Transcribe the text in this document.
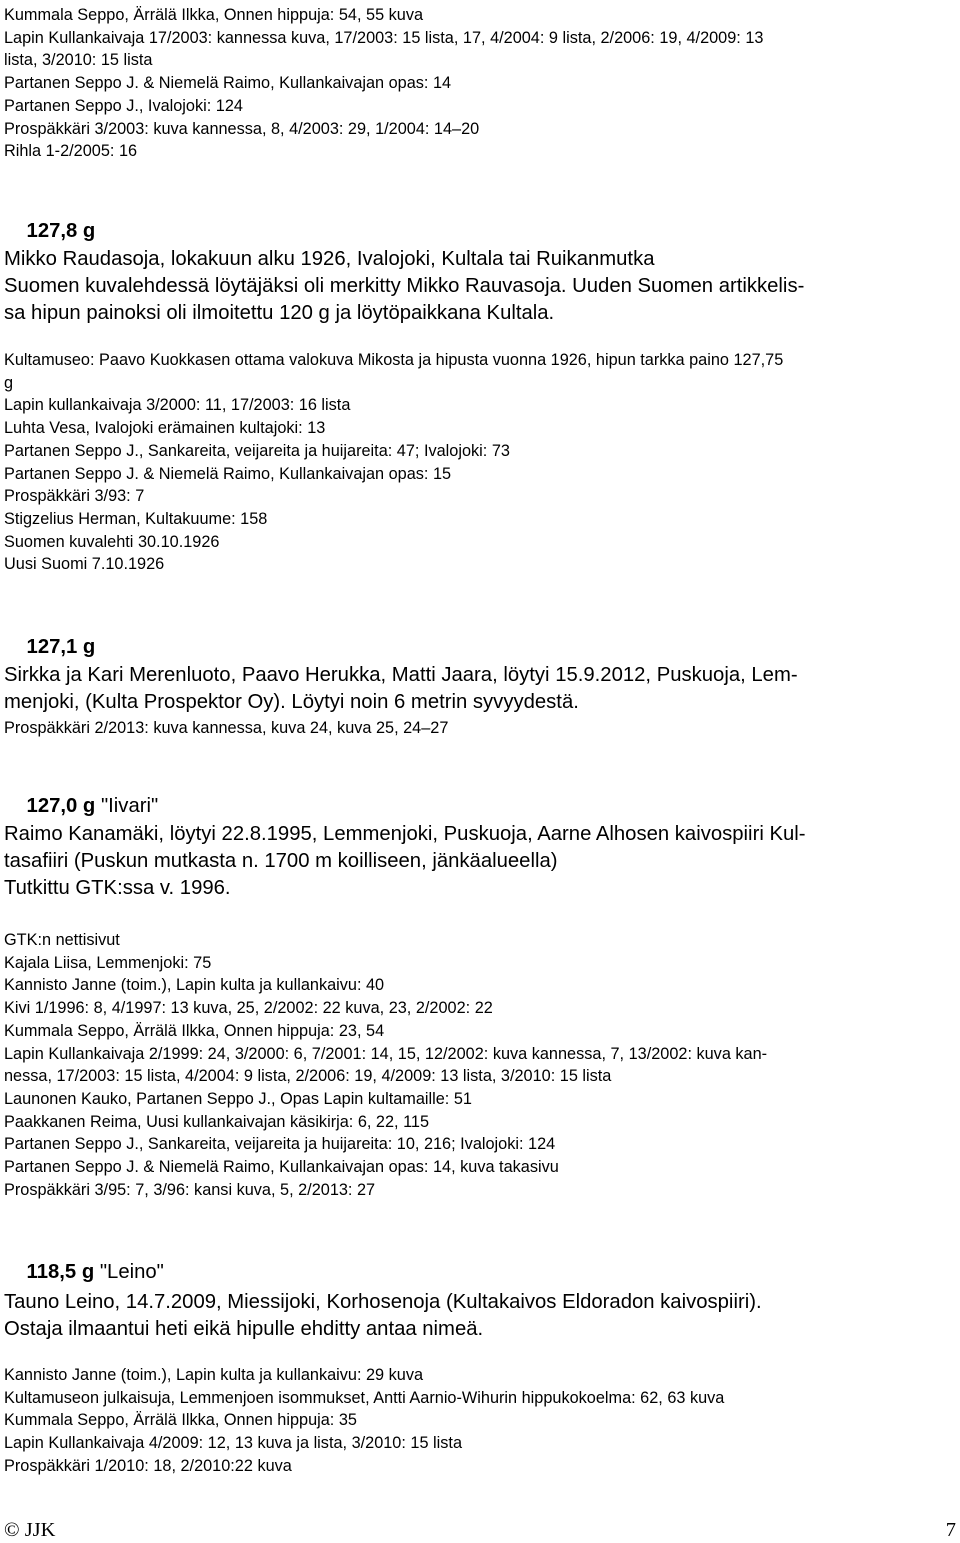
Kummala Seppo, Ärrälä Ilkka, Onnen hippuja: 54, 55 kuva
Lapin Kullankaivaja 17/2003: kannessa kuva, 17/2003: 15 lista, 17, 4/2004: 9 lista, 2/2006: 19, 4/2009: 13
lista, 3/2010: 15 lista
Partanen Seppo J. & Niemelä Raimo, Kullankaivajan opas: 14
Partanen Seppo J., Ivalojoki: 124
Prospäkkäri 3/2003: kuva kannessa, 8, 4/2003: 29, 1/2004: 14–20
Rihla 1-2/2005: 16

127,8 g

Mikko Raudasoja, lokakuun alku 1926, Ivalojoki, Kultala tai Ruikanmutka
Suomen kuvalehdessä löytäjäksi oli merkitty Mikko Rauvasoja. Uuden Suomen artikkelis-
sa hipun painoksi oli ilmoitettu 120 g ja löytöpaikkana Kultala.
Kultamuseo: Paavo Kuokkasen ottama valokuva Mikosta ja hipusta vuonna 1926, hipun tarkka paino 127,75
g
Lapin kullankaivaja 3/2000: 11, 17/2003: 16 lista
Luhta Vesa, Ivalojoki erämainen kultajoki: 13
Partanen Seppo J., Sankareita, veijareita ja huijareita: 47; Ivalojoki: 73
Partanen Seppo J. & Niemelä Raimo, Kullankaivajan opas: 15
Prospäkkäri 3/93: 7
Stigzelius Herman, Kultakuume: 158
Suomen kuvalehti 30.10.1926
Uusi Suomi 7.10.1926

127,1 g

Sirkka ja Kari Merenluoto, Paavo Herukka, Matti Jaara, löytyi 15.9.2012, Puskuoja, Lem-
menjoki, (Kulta Prospektor Oy). Löytyi noin 6 metrin syvyydestä.
Prospäkkäri 2/2013: kuva kannessa, kuva 24, kuva 25, 24–27

127,0 g "Iivari"

Raimo Kanamäki, löytyi 22.8.1995, Lemmenjoki, Puskuoja, Aarne Alhosen kaivospiiri Kul-
tasafiiri (Puskun mutkasta n. 1700 m koilliseen, jänkäalueella)
Tutkittu GTK:ssa v. 1996.
GTK:n nettisivut
Kajala Liisa, Lemmenjoki: 75
Kannisto Janne (toim.), Lapin kulta ja kullankaivu: 40
Kivi 1/1996: 8, 4/1997: 13 kuva, 25, 2/2002: 22 kuva, 23, 2/2002: 22
Kummala Seppo, Ärrälä Ilkka, Onnen hippuja: 23, 54
Lapin Kullankaivaja 2/1999: 24, 3/2000: 6, 7/2001: 14, 15, 12/2002: kuva kannessa, 7, 13/2002: kuva kan-
nessa, 17/2003: 15 lista, 4/2004: 9 lista, 2/2006: 19, 4/2009: 13 lista, 3/2010: 15 lista
Launonen Kauko, Partanen Seppo J., Opas Lapin kultamaille: 51
Paakkanen Reima, Uusi kullankaivajan käsikirja: 6, 22, 115
Partanen Seppo J., Sankareita, veijareita ja huijareita: 10, 216; Ivalojoki: 124
Partanen Seppo J. & Niemelä Raimo, Kullankaivajan opas: 14, kuva takasivu
Prospäkkäri 3/95: 7, 3/96: kansi kuva, 5, 2/2013: 27

118,5 g "Leino"

Tauno Leino, 14.7.2009, Miessijoki, Korhosenoja (Kultakaivos Eldoradon kaivospiiri).
Ostaja ilmaantui heti eikä hipulle ehditty antaa nimeä.
Kannisto Janne (toim.), Lapin kulta ja kullankaivu: 29 kuva
Kultamuseon julkaisuja, Lemmenjoen isommukset, Antti Aarnio-Wihurin hippukokoelma: 62, 63 kuva
Kummala Seppo, Ärrälä Ilkka, Onnen hippuja: 35
Lapin Kullankaivaja 4/2009: 12, 13 kuva ja lista, 3/2010: 15 lista
Prospäkkäri 1/2010: 18, 2/2010:22 kuva
© JJK	7
